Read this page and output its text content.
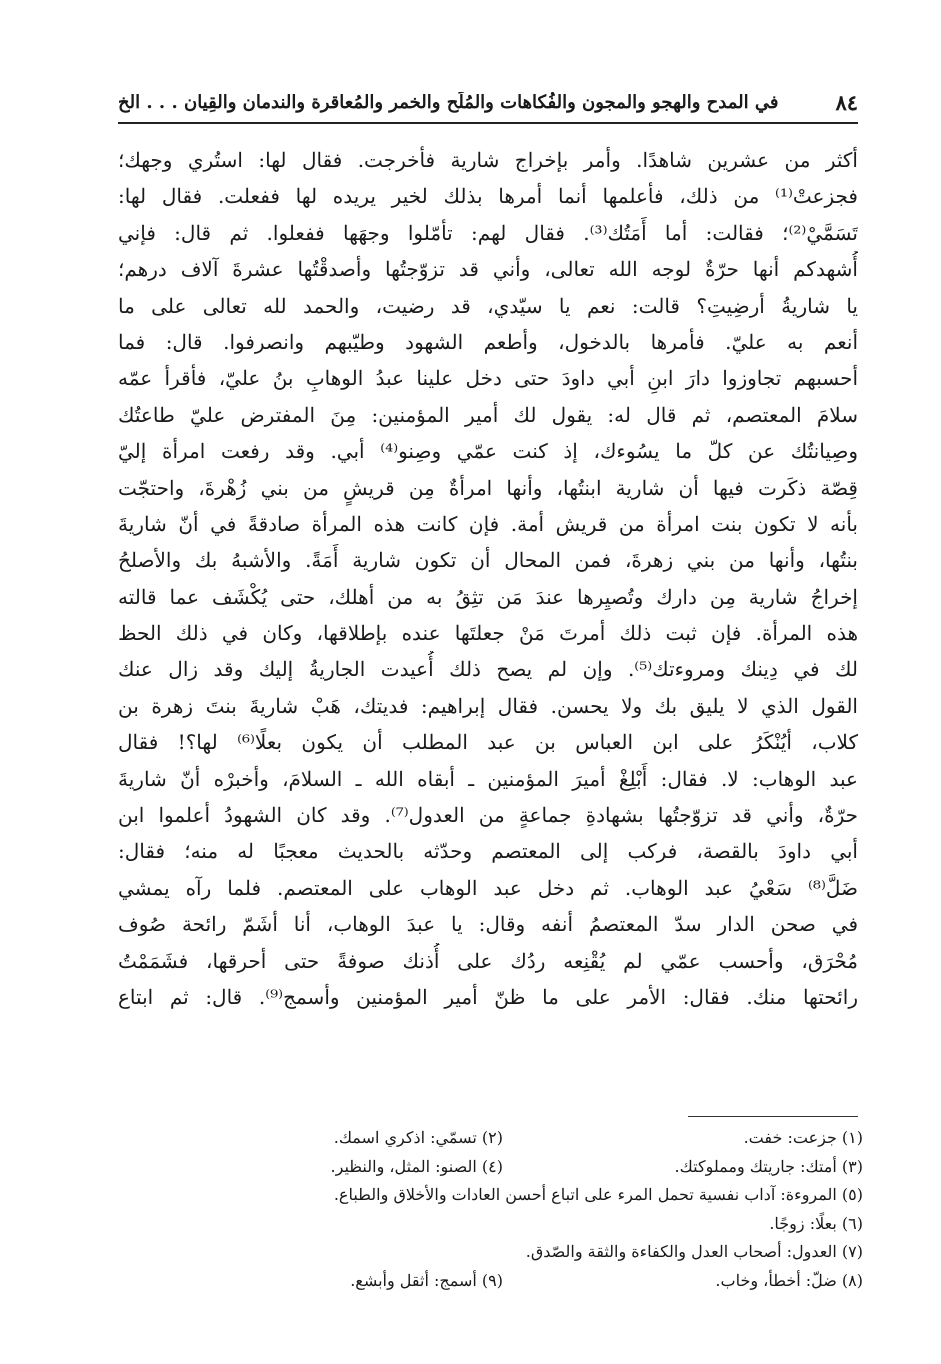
٨٤
في المدح والهجو والمجون والفُكاهات والمُلَح والخمر والمُعاقرة والندمان والقِيان . . . الخ
أكثر من عشرين شاهدًا. وأمر بإخراج شارية فأخرجت. فقال لها: استُري وجهك؛
فجزعتْ⁽¹⁾ من ذلك، فأعلمها أنما أمرها بذلك لخير يريده لها ففعلت. فقال لها:
تَسَمَّيْ⁽²⁾؛ فقالت: أما أَمَتُك⁽³⁾. فقال لهم: تأمّلوا وجهَها ففعلوا. ثم قال: فإني
أُشهدكم أنها حرّةٌ لوجه الله تعالى، وأني قد تزوّجتُها وأصدقْتُها عشرةَ آلاف درهم؛
يا شاريةُ أرضِيتِ؟ قالت: نعم يا سيّدي، قد رضيت، والحمد لله تعالى على ما
أنعم به عليّ. فأمرها بالدخول، وأطعم الشهود وطيّبهم وانصرفوا. قال: فما
أحسبهم تجاوزوا دارَ ابنِ أبي داودَ حتى دخل علينا عبدُ الوهابِ بنُ عليّ، فأقرأ عمّه
سلامَ المعتصم، ثم قال له: يقول لك أمير المؤمنين: مِنَ المفترض عليّ طاعتُك
وصِيانتُك عن كلّ ما يسُوءك، إذ كنت عمّي وصِنو⁽⁴⁾ أبي. وقد رفعت امرأة إليّ
قِصّة ذكَرت فيها أن شارية ابنتُها، وأنها امرأةٌ مِن قريشٍ من بني زُهْرةَ، واحتجّت
بأنه لا تكون بنت امرأة من قريش أمة. فإن كانت هذه المرأة صادقةً في أنّ شاريةَ
بنتُها، وأنها من بني زهرةَ، فمن المحال أن تكون شارية أَمَةً. والأشبهُ بك والأصلحُ
إخراجُ شارية مِن دارك وتُصيِرها عندَ مَن تثِقُ به من أهلك، حتى يُكْشَف عما قالته
هذه المرأة. فإن ثبت ذلك أمرتَ مَنْ جعلتَها عنده بإطلاقها، وكان في ذلك الحظ
لك في دِينك ومروءتك⁽⁵⁾. وإن لم يصح ذلك أُعيدت الجاريةُ إليك وقد زال عنك
القول الذي لا يليق بك ولا يحسن. فقال إبراهيم: فديتك، هَبْ شاريةَ بنتَ زهرة بن
كلاب، أيُنْكَرُ على ابن العباس بن عبد المطلب أن يكون بعلًا⁽⁶⁾ لها؟! فقال
عبد الوهاب: لا. فقال: أَبْلِغْ أميرَ المؤمنين ـ أبقاه الله ـ السلامَ، وأخبرْه أنّ شاريةَ
حرّةٌ، وأني قد تزوّجتُها بشهادةِ جماعةٍ من العدول⁽⁷⁾. وقد كان الشهودُ أعلموا ابن
أبي داودَ بالقصة، فركب إلى المعتصم وحدّثه بالحديث معجبًا له منه؛ فقال:
ضَلَّ⁽⁸⁾ سَعْيُ عبد الوهاب. ثم دخل عبد الوهاب على المعتصم. فلما رآه يمشي
في صحن الدار سدّ المعتصمُ أنفه وقال: يا عبدَ الوهاب، أنا أشَمّ رائحة صُوف
مُحْرَق، وأحسب عمّي لم يُقْنِعه ردُك على أُذنك صوفةً حتى أحرقها، فشَمَمْتُ
رائحتها منك. فقال: الأمر على ما ظنّ أمير المؤمنين وأسمج⁽⁹⁾. قال: ثم ابتاع
(١) جزعت: خفت.
(٢) تسمّي: اذكري اسمك.
(٣) أمتك: جاريتك ومملوكتك.
(٤) الصنو: المثل، والنظير.
(٥) المروءة: آداب نفسية تحمل المرء على اتباع أحسن العادات والأخلاق والطباع.
(٦) بعلًا: زوجًا.
(٧) العدول: أصحاب العدل والكفاءة والثقة والصّدق.
(٨) ضلّ: أخطأ، وخاب.
(٩) أسمج: أثقل وأبشع.
